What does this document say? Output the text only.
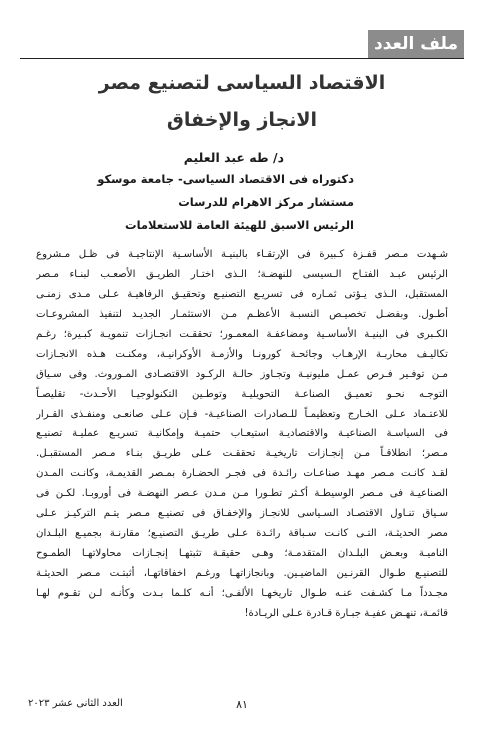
ملف العدد
الاقتصاد السياسى لتصنيع مصر
الانجاز والإخفاق
د/ طه عبد العليم
دكتوراه فى الاقتصاد السياسى- جامعة موسكو
مستشار مركز الاهرام للدرسات
الرئيس الاسبق للهيئة العامة للاستعلامات
شـهدت مـصر قفـزة كـبيرة فى الإرتقـاء بالبنيـة الأساسـية الإنتاجيـة فى ظـل مـشروع
الرئيس عبـد الفتـاح الـسيسى للنهضـة؛ الـذى اختـار الطريـق الأصعـب لبنـاء مـصر
المستقبل، الـذى يـؤتى ثمـاره فى تسريـع التصنيـع وتحقيـق الرفاهيـة عـلى مـدى زمنـى
أطـول. وبفضـل تخصيـص النسبـة الأعظـم مـن الاستثمـار الجديـد لتنفيذ المشروعـات
الكـبرى فى البنيـة الأساسـية ومضاعفـة المعمـور؛ تحققـت انجـازات تنمويـة كبـيرة؛ رغـم
تكاليـف محاربـة الإرهـاب وجائحـة كورونـا والأزمـة الأوكرانيـة، ومكنـت هـذه الانجـازات
مـن توفـير فـرص عمـل مليونيـة وتجـاوز حالـة الركـود الاقتصـادى المـوروث. وفى سـياق
التوجـه نحـو تعميـق الصناعـة التحويليـة وتوطـين التكنولوجيـا الأحـدث- تقليصـاً
للاعتـماد عـلى الخـارج وتعظيمـاً للـصادرات الصناعيـة- فـإن عـلى صانعـى ومنفـذى القـرار
فى السياسـة الصناعيـة والاقتصاديـة استيعـاب حتميـة وإمكانيـة تسريـع عمليـة تصنيـع
مـصر؛ انطلاقـاً مـن إنجـازات تاريخيـة تحققـت عـلى طريـق بنـاء مـصر المستقبـل.
لقـد كانـت مـصر مهـد صناعـات رائـدة فى فجـر الحضـارة بمـصر القديمـة، وكانـت المـدن
الصناعيـة فى مـصر الوسيطـة أكـثر تطـورا مـن مـدن عـصر النهضـة فى أوروبـا. لكـن فى
سـياق تنـاول الاقتصـاد السـياسى للانجـاز والإخفـاق فى تصنيـع مـصر يتـم التركيـز عـلى
مصر الحديثـة، التـى كانـت سـباقة رائـدة عـلى طريـق التصنيـع؛ مقارنـة بجميـع البلـدان
الناميـة وبعـض البلـدان المتقدمـة؛ وهـى حقيقـة تثبتهـا إنجـازات محاولاتهـا الطمـوح
للتصنيـع طـوال القرنـين الماضيـين. وبانجازاتهـا ورغـم اخفاقاتهـا، أثبتـت مـصر الحديثـة
مجـدداً مـا كشـفت عنـه طـوال تاريخهـا الألفـى؛ أنـه كلـما بـدت وكأنـه لـن تقـوم لهـا
قائمـة، تنهـض عفيـة جبـارة قـادرة عـلى الريـادة!
٨١
العدد الثانى عشر ٢٠٢٣
